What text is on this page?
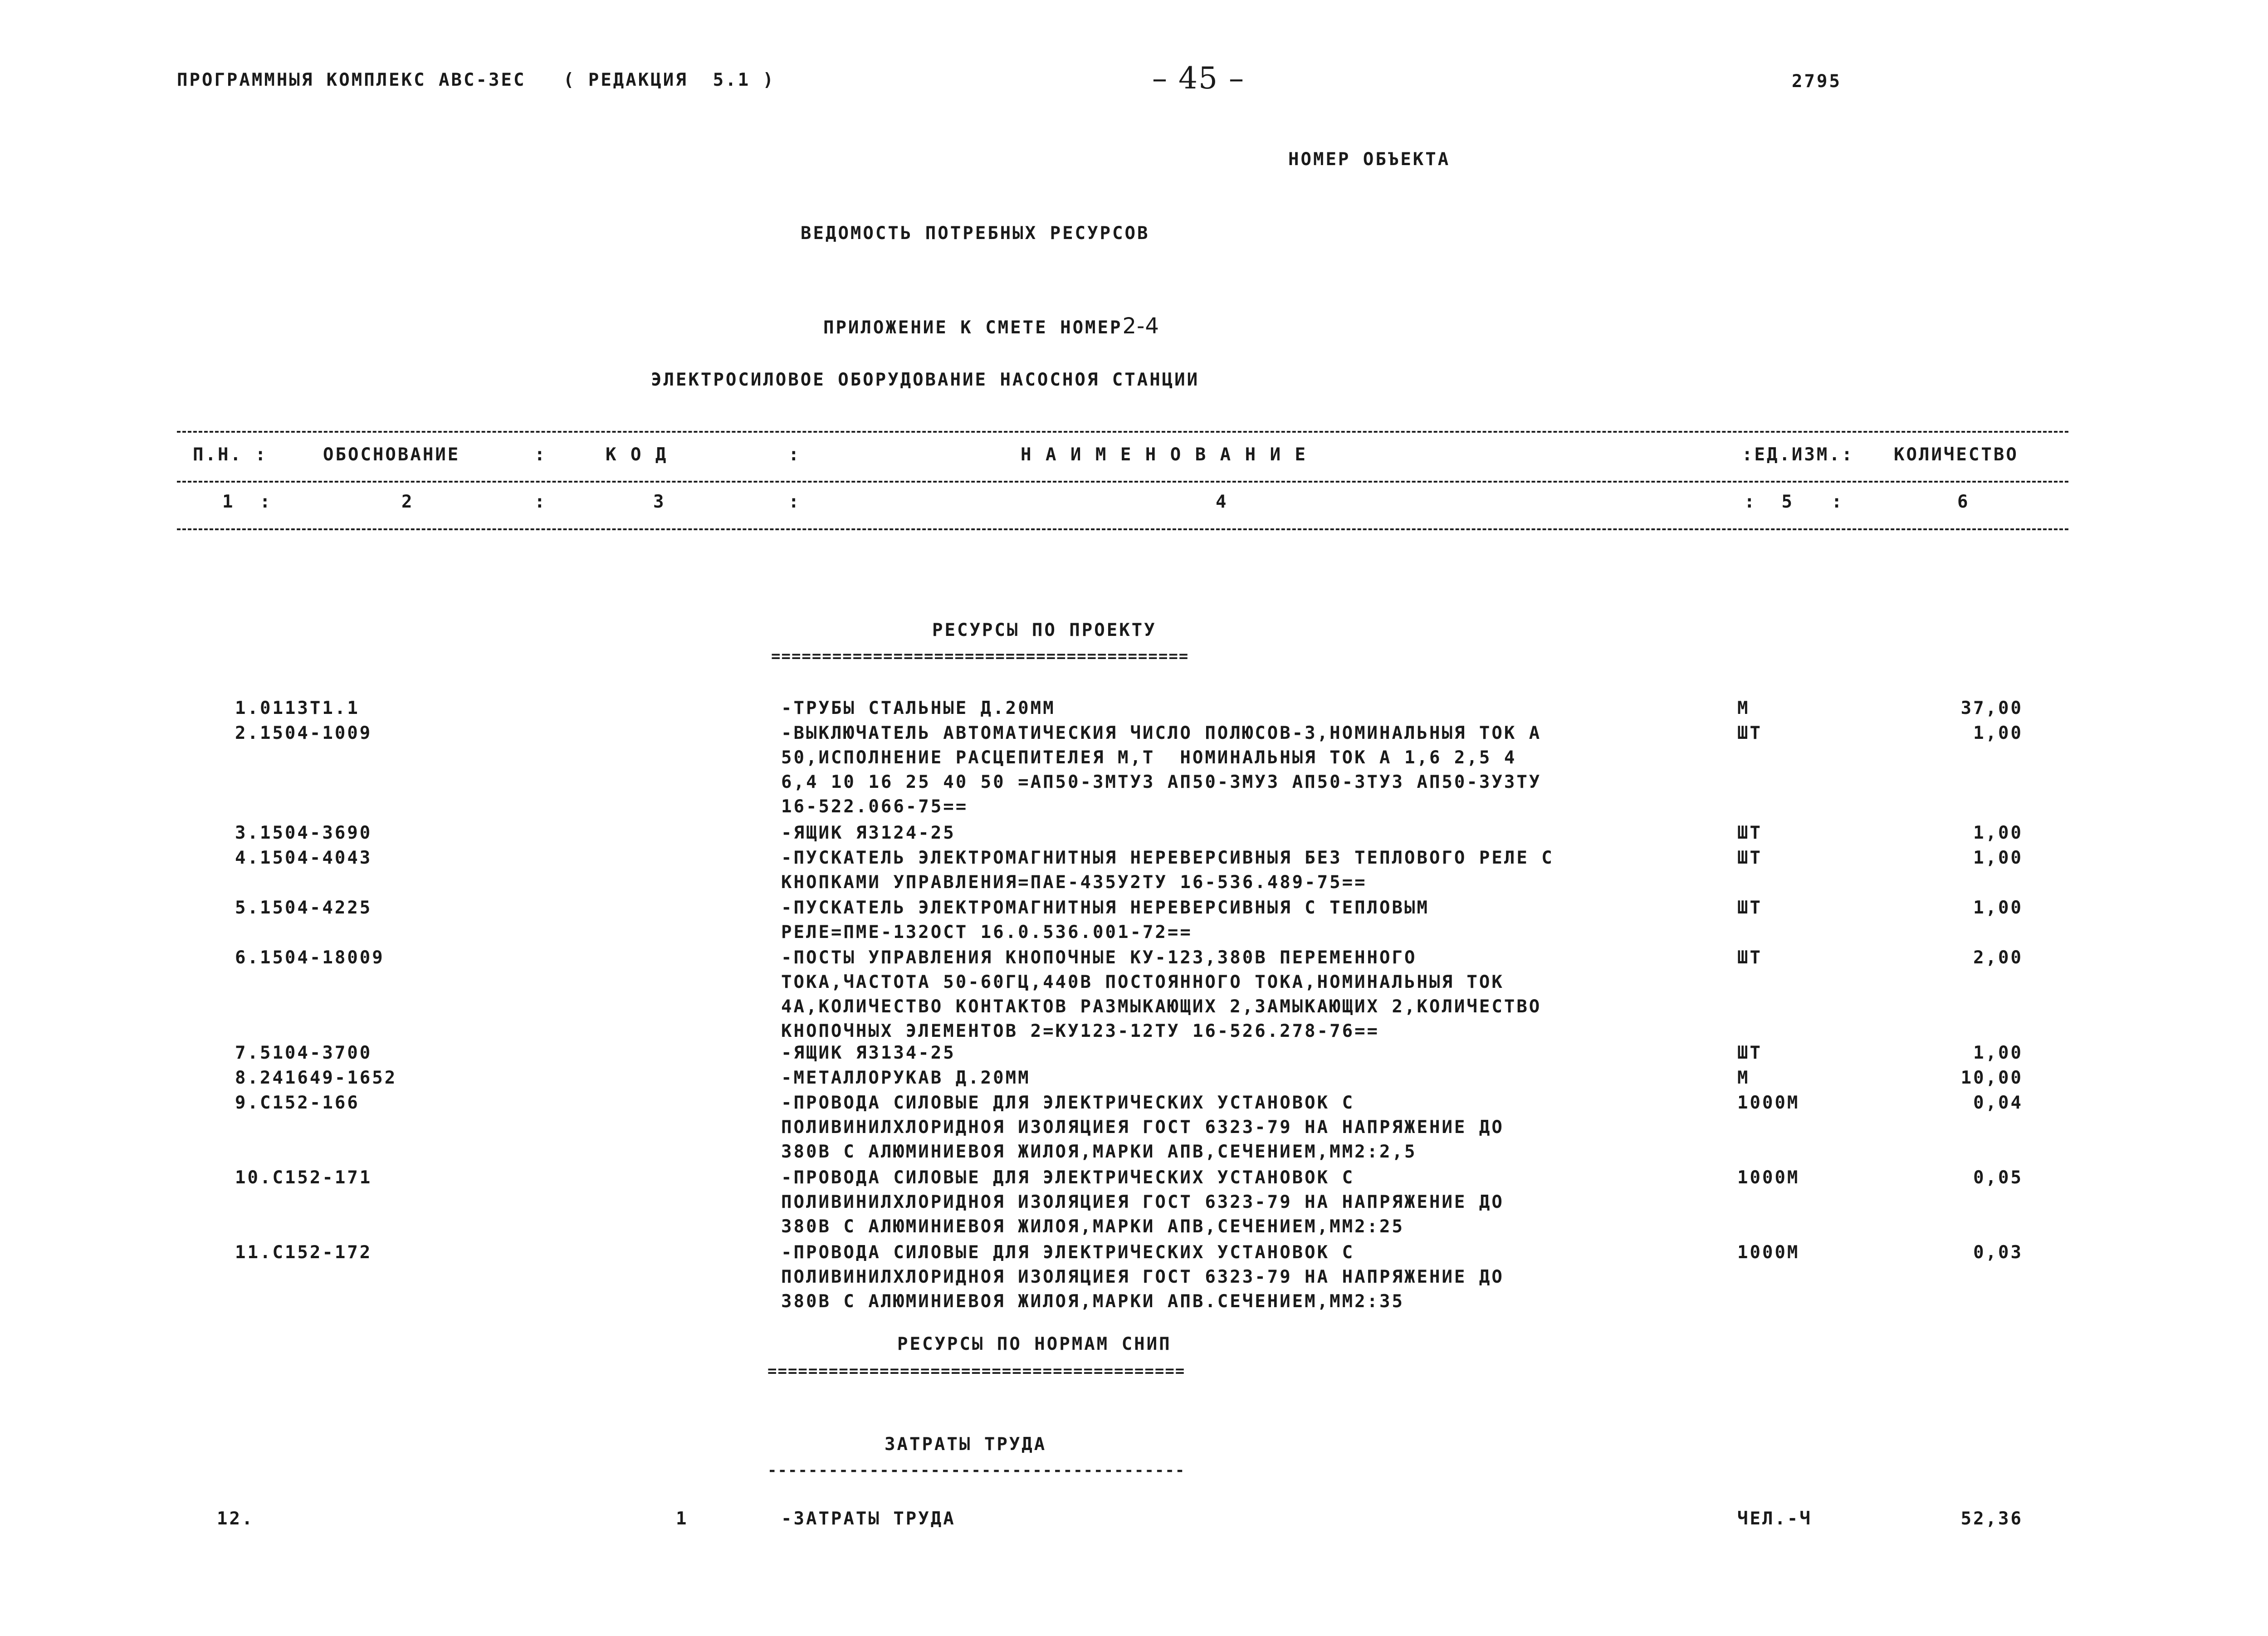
ПРОГРАММНЫЯ КОМПЛЕКС АВС-ЗЕС   ( РЕДАКЦИЯ  5.1 )	– 45 –	2795
НОМЕР ОБЪЕКТА
ВЕДОМОСТЬ ПОТРЕБНЫХ РЕСУРСОВ

ПРИЛОЖЕНИЕ К СМЕТЕ НОМЕР2-4

ЭЛЕКТРОСИЛОВОЕ ОБОРУДОВАНИЕ НАСОСНОЯ СТАНЦИИ
П.Н. :	ОБОСНОВАНИЕ	:	К О Д	:	Н А И М Е Н О В А Н И Е	:ЕД.ИЗМ.: КОЛИЧЕСТВО
1  :	2	:	3	:	4	:  5   :	6
РЕСУРСЫ ПО ПРОЕКТУ
=========================================
1.0113Т1.1	-ТРУБЫ СТАЛЬНЫЕ Д.20ММ	М	37,00
2.1504-1009	-ВЫКЛЮЧАТЕЛЬ АВТОМАТИЧЕСКИЯ ЧИСЛО ПОЛЮСОВ-3,НОМИНАЛЬНЫЯ ТОК А
50,ИСПОЛНЕНИЕ РАСЦЕПИТЕЛЕЯ М,Т  НОМИНАЛЬНЫЯ ТОК А 1,6 2,5 4
6,4 10 16 25 40 50 =АП50-3МТУЗ АП50-3МУЗ АП50-3ТУЗ АП50-3УЗТУ
16-522.066-75==
ШТ	1,00
3.1504-3690	-ЯЩИК ЯЗ124-25	ШТ	1,00
4.1504-4043	-ПУСКАТЕЛЬ ЭЛЕКТРОМАГНИТНЫЯ НЕРЕВЕРСИВНЫЯ БЕЗ ТЕПЛОВОГО РЕЛЕ С
КНОПКАМИ УПРАВЛЕНИЯ=ПАЕ-435У2ТУ 16-536.489-75==
ШТ	1,00
5.1504-4225	-ПУСКАТЕЛЬ ЭЛЕКТРОМАГНИТНЫЯ НЕРЕВЕРСИВНЫЯ С ТЕПЛОВЫМ
РЕЛЕ=ПМЕ-132ОСТ 16.0.536.001-72==
ШТ	1,00
6.1504-18009	-ПОСТЫ УПРАВЛЕНИЯ КНОПОЧНЫЕ КУ-123,380В ПЕРЕМЕННОГО
ТОКА,ЧАСТОТА 50-60ГЦ,440В ПОСТОЯННОГО ТОКА,НОМИНАЛЬНЫЯ ТОК
4А,КОЛИЧЕСТВО КОНТАКТОВ РАЗМЫКАЮЩИХ 2,ЗАМЫКАЮЩИХ 2,КОЛИЧЕСТВО
КНОПОЧНЫХ ЭЛЕМЕНТОВ 2=КУ123-12ТУ 16-526.278-76==
ШТ	2,00
7.5104-3700	-ЯЩИК ЯЗ134-25	ШТ	1,00
8.241649-1652	-МЕТАЛЛОРУКАВ Д.20ММ	М	10,00
9.С152-166	-ПРОВОДА СИЛОВЫЕ ДЛЯ ЭЛЕКТРИЧЕСКИХ УСТАНОВОК С
ПОЛИВИНИЛХЛОРИДНОЯ ИЗОЛЯЦИЕЯ ГОСТ 6323-79 НА НАПРЯЖЕНИЕ ДО
380В С АЛЮМИНИЕВОЯ ЖИЛОЯ,МАРКИ АПВ,СЕЧЕНИЕМ,ММ2:2,5
1000М	0,04
10.С152-171	-ПРОВОДА СИЛОВЫЕ ДЛЯ ЭЛЕКТРИЧЕСКИХ УСТАНОВОК С
ПОЛИВИНИЛХЛОРИДНОЯ ИЗОЛЯЦИЕЯ ГОСТ 6323-79 НА НАПРЯЖЕНИЕ ДО
380В С АЛЮМИНИЕВОЯ ЖИЛОЯ,МАРКИ АПВ,СЕЧЕНИЕМ,ММ2:25
1000М	0,05
11.С152-172	-ПРОВОДА СИЛОВЫЕ ДЛЯ ЭЛЕКТРИЧЕСКИХ УСТАНОВОК С
ПОЛИВИНИЛХЛОРИДНОЯ ИЗОЛЯЦИЕЯ ГОСТ 6323-79 НА НАПРЯЖЕНИЕ ДО
380В С АЛЮМИНИЕВОЯ ЖИЛОЯ,МАРКИ АПВ.СЕЧЕНИЕМ,ММ2:35
1000М	0,03
РЕСУРСЫ ПО НОРМАМ СНИП
=========================================
ЗАТРАТЫ ТРУДА
-----------------------------------------
12.	1	-ЗАТРАТЫ ТРУДА	ЧЕЛ.-Ч	52,36
